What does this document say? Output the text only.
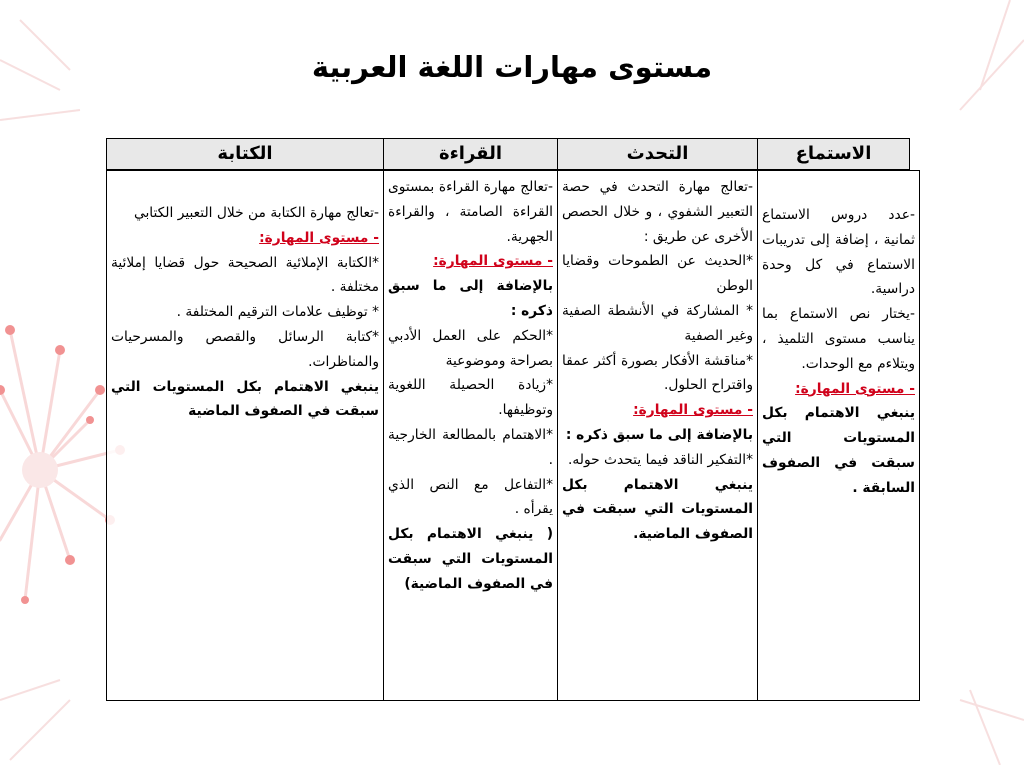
مستوى مهارات اللغة العربية
الاستماع
التحدث
القراءة
الكتابة

-عدد دروس الاستماع ثمانية ، إضافة إلى تدريبات الاستماع في كل وحدة دراسية.

-يختار نص الاستماع بما يناسب مستوى التلميذ ، ويتلاءم مع الوحدات.

- مستوى المهارة:

ينبغي الاهتمام بكل المستويات التي سبقت في الصفوف السابقة .

-تعالج مهارة التحدث في حصة التعبير الشفوي ، و خلال الحصص الأخرى عن طريق :

*الحديث عن الطموحات وقضايا الوطن

* المشاركة في الأنشطة الصفية وغير الصفية

*مناقشة الأفكار بصورة أكثر عمقا واقتراح الحلول.

- مستوى المهارة:

بالإضافة إلى ما سبق ذكره :

*التفكير الناقد فيما يتحدث حوله.

ينبغي الاهتمام بكل المستويات التي سبقت في الصفوف الماضية.

-تعالج مهارة القراءة بمستوى القراءة الصامتة ، والقراءة الجهرية.

- مستوى المهارة:

بالإضافة إلى ما سبق ذكره :

*الحكم على العمل الأدبي بصراحة وموضوعية

*زيادة الحصيلة اللغوية وتوظيفها.

*الاهتمام بالمطالعة الخارجية .

*التفاعل مع النص الذي يقرأه .

( ينبغي الاهتمام بكل المستويات التي سبقت في الصفوف الماضية)

-تعالج مهارة الكتابة من خلال التعبير الكتابي

- مستوى المهارة:

*الكتابة الإملائية الصحيحة حول قضايا إملائية مختلفة .

* توظيف علامات الترقيم المختلفة .

*كتابة الرسائل والقصص والمسرحيات والمناظرات.

ينبغي الاهتمام بكل المستويات التي سبقت في الصفوف الماضية
